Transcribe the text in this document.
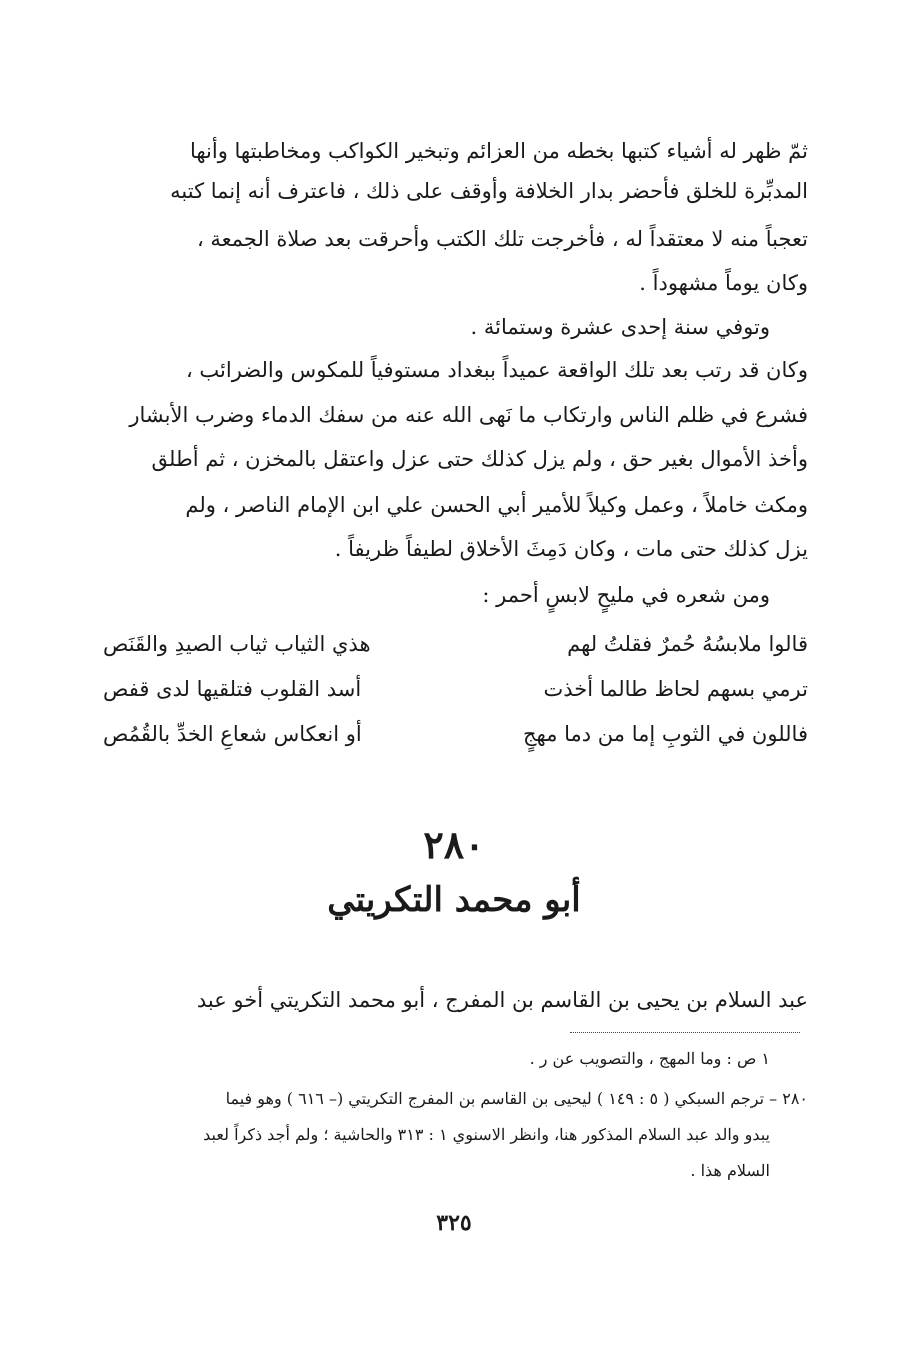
ثمّ ظهر له أشياء كتبها بخطه من العزائم وتبخير الكواكب ومخاطبتها وأنها
المدبِّرة للخلق فأحضر بدار الخلافة وأوقف على ذلك ، فاعترف أنه إنما كتبه
تعجباً منه لا معتقداً له ، فأخرجت تلك الكتب وأحرقت بعد صلاة الجمعة ،
وكان يوماً مشهوداً .
وتوفي سنة إحدى عشرة وستمائة .
وكان قد رتب بعد تلك الواقعة عميداً ببغداد مستوفياً للمكوس والضرائب ،
فشرع في ظلم الناس وارتكاب ما نَهى الله عنه من سفك الدماء وضرب الأبشار
وأخذ الأموال بغير حق ، ولم يزل كذلك حتى عزل واعتقل بالمخزن ، ثم أطلق
ومكث خاملاً ، وعمل وكيلاً للأمير أبي الحسن علي ابن الإمام الناصر ، ولم
يزل كذلك حتى مات ، وكان دَمِثَ الأخلاق لطيفاً ظريفاً .
ومن شعره في مليحٍ لابسٍ أحمر :
قالوا ملابسُهُ حُمرٌ فقلتُ لهم
هذي الثياب ثياب الصيدِ والقَنَص
ترمي بسهم لحاظ طالما أخذت
أسد القلوب فتلقيها لدى قفص
فاللون في الثوبِ إما من دما مهجٍ
أو انعكاس شعاعِ الخدِّ بالقُمُص
٢٨٠
أبو محمد التكريتي
عبد السلام بن يحيى بن القاسم بن المفرج ، أبو محمد التكريتي أخو عبد
١ ص : وما المهج ، والتصويب عن ر .
٢٨٠ – ترجم السبكي ( ٥ : ١٤٩ ) ليحيى بن القاسم بن المفرج التكريتي (– ٦١٦ ) وهو فيما
يبدو والد عبد السلام المذكور هنا، وانظر الاسنوي ١ : ٣١٣ والحاشية ؛ ولم أجد ذكراً لعبد
السلام هذا .
٣٢٥
